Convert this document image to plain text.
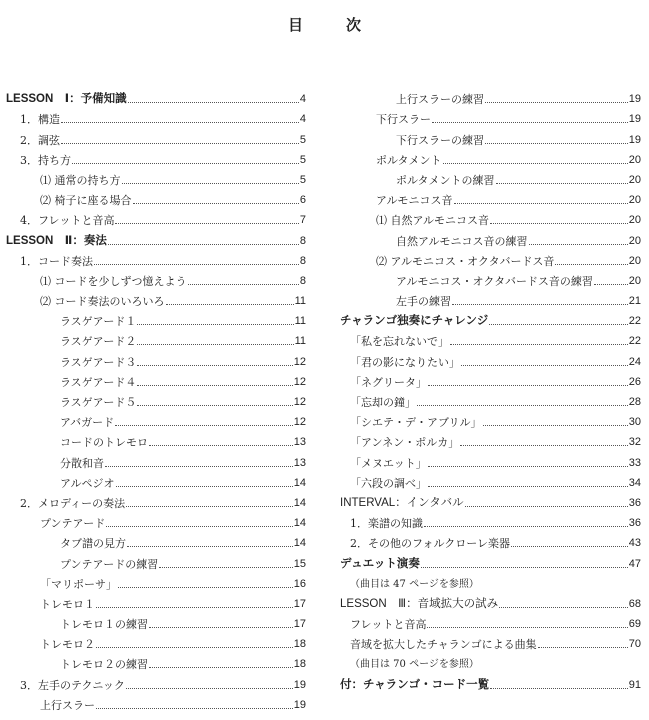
目　次
LESSON　Ⅰ：予備知識	4
1．構造	4
2．調弦	5
3．持ち方	5
⑴ 通常の持ち方	5
⑵ 椅子に座る場合	6
4．フレットと音高	7
LESSON　Ⅱ：奏法	8
1．コード奏法	8
⑴ コードを少しずつ憶えよう	8
⑵ コード奏法のいろいろ	11
ラスゲアード１	11
ラスゲアード２	11
ラスゲアード３	12
ラスゲアード４	12
ラスゲアード５	12
アバガード	12
コードのトレモロ	13
分散和音	13
アルペジオ	14
2．メロディーの奏法	14
プンテアード	14
タブ譜の見方	14
プンテアードの練習	15
「マリポーサ」	16
トレモロ１	17
トレモロ１の練習	17
トレモロ２	18
トレモロ２の練習	18
3．左手のテクニック	19
上行スラー	19
上行スラーの練習	19
下行スラー	19
下行スラーの練習	19
ポルタメント	20
ポルタメントの練習	20
アルモニコス音	20
⑴ 自然アルモニコス音	20
自然アルモニコス音の練習	20
⑵ アルモニコス・オクタバードス音	20
アルモニコス・オクタバードス音の練習	20
左手の練習	21
チャランゴ独奏にチャレンジ	22
「私を忘れないで」	22
「君の影になりたい」	24
「ネグリータ」	26
「忘却の鐘」	28
「シエテ・デ・アブリル」	30
「アンネン・ポルカ」	32
「メヌエット」	33
「六段の調べ」	34
INTERVAL：インタバル	36
1．楽譜の知識	36
2．その他のフォルクローレ楽器	43
デュエット演奏	47
（曲目は 47 ページを参照）
LESSON　Ⅲ：音域拡大の試み	68
フレットと音高	69
音域を拡大したチャランゴによる曲集	70
（曲目は 70 ページを参照）
付：チャランゴ・コード一覧	91
